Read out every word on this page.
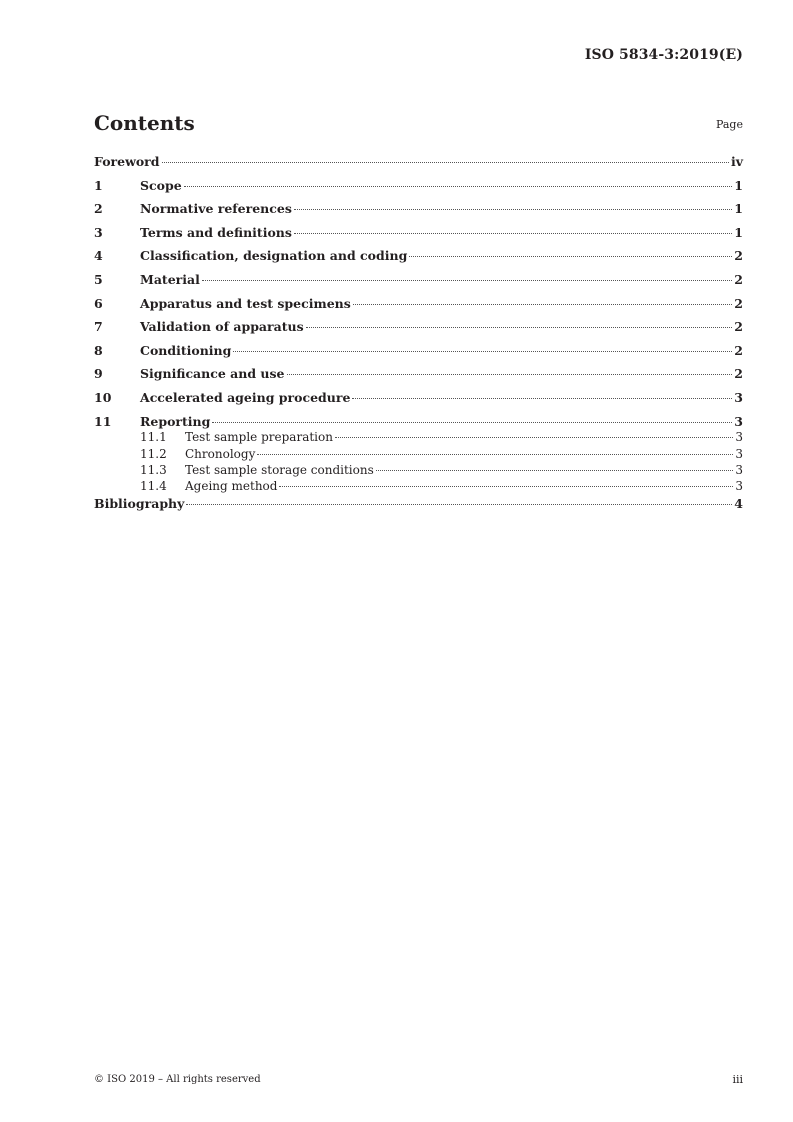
ISO 5834-3:2019(E)
Contents	Page
Foreword	iv
1	Scope	1
2	Normative references	1
3	Terms and definitions	1
4	Classification, designation and coding	2
5	Material	2
6	Apparatus and test specimens	2
7	Validation of apparatus	2
8	Conditioning	2
9	Significance and use	2
10	Accelerated ageing procedure	3
11	Reporting	3
11.1	Test sample preparation	3
11.2	Chronology	3
11.3	Test sample storage conditions	3
11.4	Ageing method	3
Bibliography	4
© ISO 2019 – All rights reserved	iii
